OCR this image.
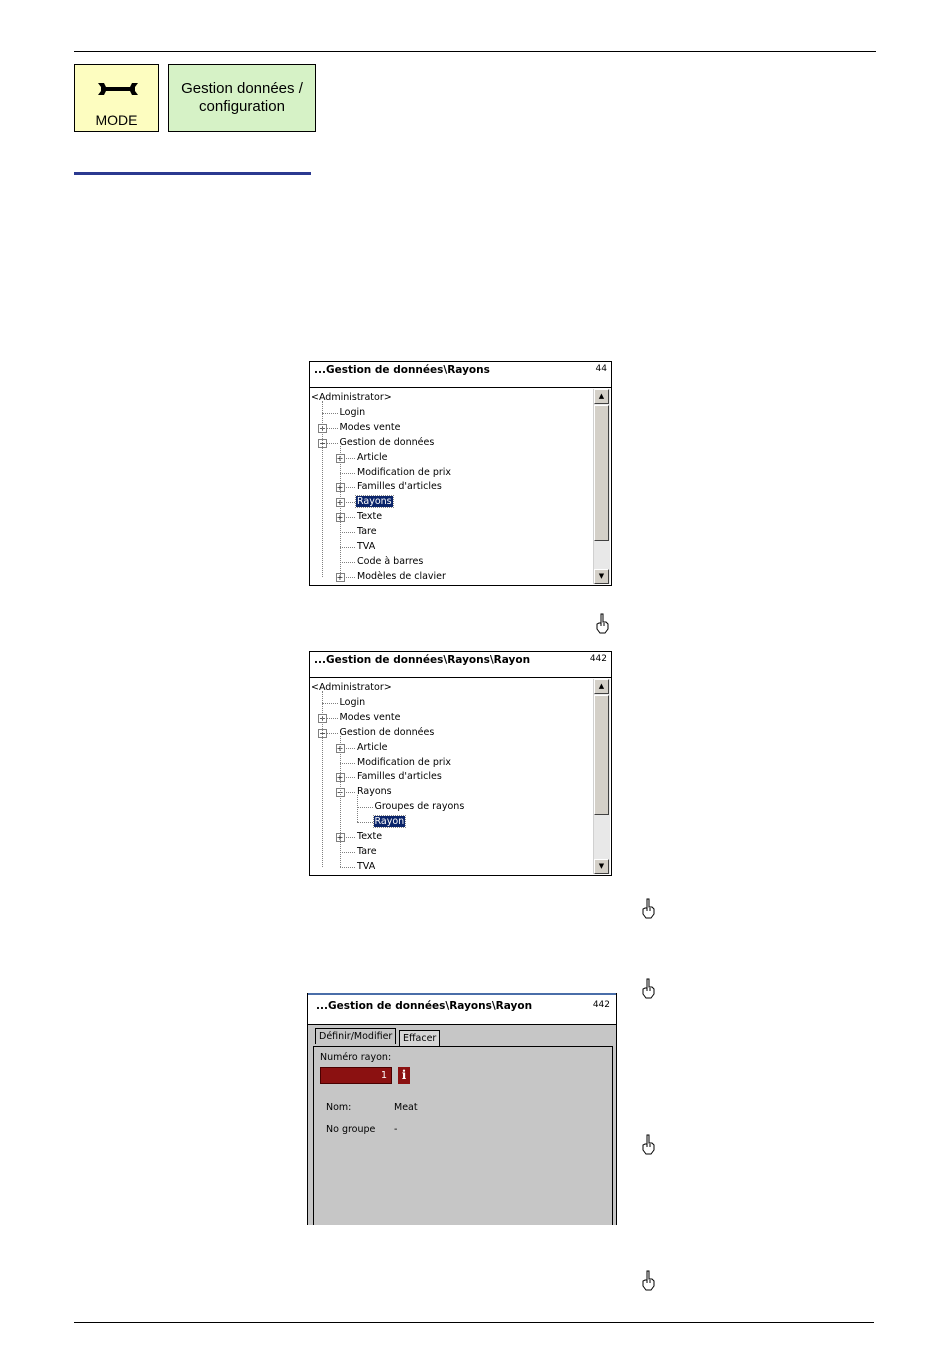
MODE
Gestion données /
configuration
...Gestion de données\Rayons	44
<Administrator>
Login
Modes vente
+
Gestion de données
−
Article
+
Modification de prix
Familles d'articles
+
Rayons
+
Texte
+
Tare
TVA
Code à barres
Modèles de clavier
+
▲
▼
...Gestion de données\Rayons\Rayon	442
<Administrator>
Login
Modes vente
+
Gestion de données
−
Article
+
Modification de prix
Familles d'articles
+
Rayons
−
Groupes de rayons
Rayon
Texte
+
Tare
TVA
▲
▼
...Gestion de données\Rayons\Rayon	442
Définir/Modifier	Effacer
Numéro rayon:
1	i
Nom:	Meat
No groupe -
